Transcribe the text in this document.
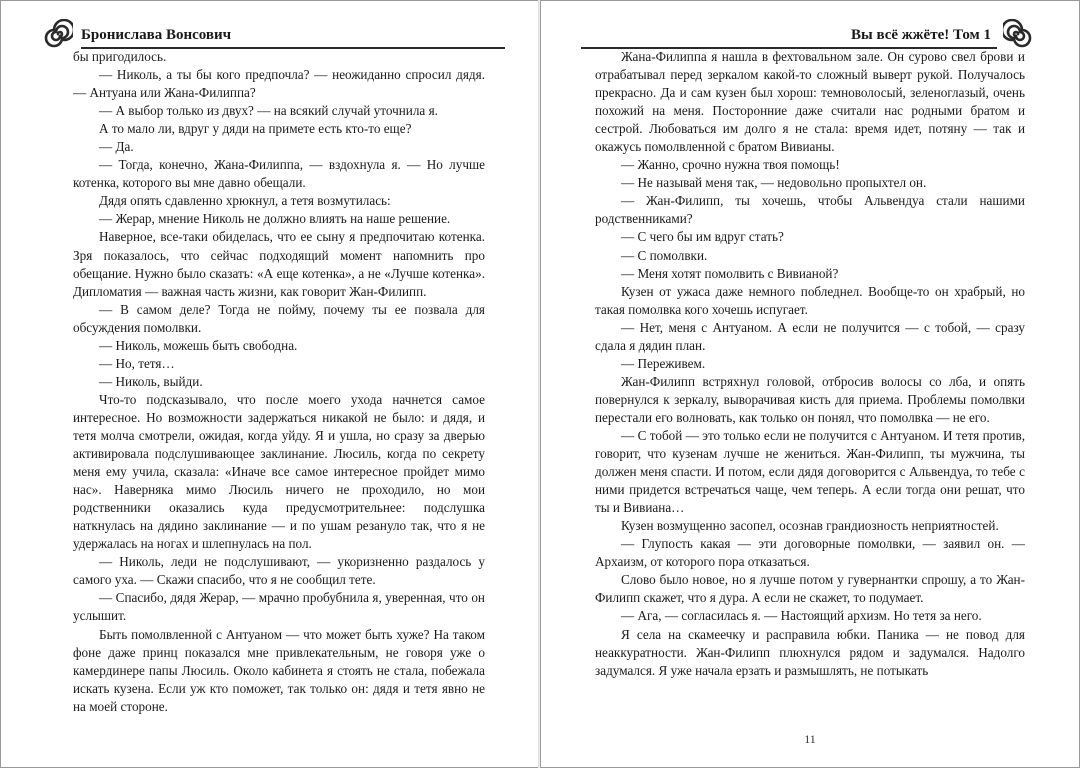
Бронислава Вонсович

бы пригодилось.

— Николь, а ты бы кого предпочла? — неожиданно спросил дядя. — Антуана или Жана-Филиппа?

— А выбор только из двух? — на всякий случай уточнила я.

А то мало ли, вдруг у дяди на примете есть кто-то еще?

— Да.

— Тогда, конечно, Жана-Филиппа, — вздохнула я. — Но лучше котенка, которого вы мне давно обещали.

Дядя опять сдавленно хрюкнул, а тетя возмутилась:

— Жерар, мнение Николь не должно влиять на наше решение.

Наверное, все-таки обиделась, что ее сыну я предпочитаю котенка. Зря показалось, что сейчас подходящий момент напомнить про обещание. Нужно было сказать: «А еще котенка», а не «Лучше котенка». Дипломатия — важная часть жизни, как говорит Жан-Филипп.

— В самом деле? Тогда не пойму, почему ты ее позвала для обсуждения помолвки.

— Николь, можешь быть свободна.

— Но, тетя…

— Николь, выйди.

Что-то подсказывало, что после моего ухода начнется самое интересное. Но возможности задержаться никакой не было: и дядя, и тетя молча смотрели, ожидая, когда уйду. Я и ушла, но сразу за дверью активировала подслушивающее заклинание. Люсиль, когда по секрету меня ему учила, сказала: «Иначе все самое интересное пройдет мимо нас». Наверняка мимо Люсиль ничего не проходило, но мои родственники оказались куда предусмотрительнее: подслушка наткнулась на дядино заклинание — и по ушам резануло так, что я не удержалась на ногах и шлепнулась на пол.

— Николь, леди не подслушивают, — укоризненно раздалось у самого уха. — Скажи спасибо, что я не сообщил тете.

— Спасибо, дядя Жерар, — мрачно пробубнила я, уверенная, что он услышит.

Быть помолвленной с Антуаном — что может быть хуже? На таком фоне даже принц показался мне привлекательным, не говоря уже о камердинере папы Люсиль. Около кабинета я стоять не стала, побежала искать кузена. Если уж кто поможет, так только он: дядя и тетя явно не на моей стороне.

Вы всё жжёте! Том 1

Жана-Филиппа я нашла в фехтовальном зале. Он сурово свел брови и отрабатывал перед зеркалом какой-то сложный выверт рукой. Получалось прекрасно. Да и сам кузен был хорош: темноволосый, зеленоглазый, очень похожий на меня. Посторонние даже считали нас родными братом и сестрой. Любоваться им долго я не стала: время идет, потяну — так и окажусь помолвленной с братом Вивианы.

— Жанно, срочно нужна твоя помощь!

— Не называй меня так, — недовольно пропыхтел он.

— Жан-Филипп, ты хочешь, чтобы Альвендуа стали нашими родственниками?

— С чего бы им вдруг стать?

— С помолвки.

— Меня хотят помолвить с Вивианой?

Кузен от ужаса даже немного побледнел. Вообще-то он храбрый, но такая помолвка кого хочешь испугает.

— Нет, меня с Антуаном. А если не получится — с тобой, — сразу сдала я дядин план.

— Переживем.

Жан-Филипп встряхнул головой, отбросив волосы со лба, и опять повернулся к зеркалу, выворачивая кисть для приема. Проблемы помолвки перестали его волновать, как только он понял, что помолвка — не его.

— С тобой — это только если не получится с Антуаном. И тетя против, говорит, что кузенам лучше не жениться. Жан-Филипп, ты мужчина, ты должен меня спасти. И потом, если дядя договорится с Альвендуа, то тебе с ними придется встречаться чаще, чем теперь. А если тогда они решат, что ты и Вивиана…

Кузен возмущенно засопел, осознав грандиозность неприятностей.

— Глупость какая — эти договорные помолвки, — заявил он. — Архаизм, от которого пора отказаться.

Слово было новое, но я лучше потом у гувернантки спрошу, а то Жан-Филипп скажет, что я дура. А если не скажет, то подумает.

— Ага, — согласилась я. — Настоящий архизм. Но тетя за него.

Я села на скамеечку и расправила юбки. Паника — не повод для неаккуратности. Жан-Филипп плюхнулся рядом и задумался. Надолго задумался. Я уже начала ерзать и размышлять, не потыкать

11
